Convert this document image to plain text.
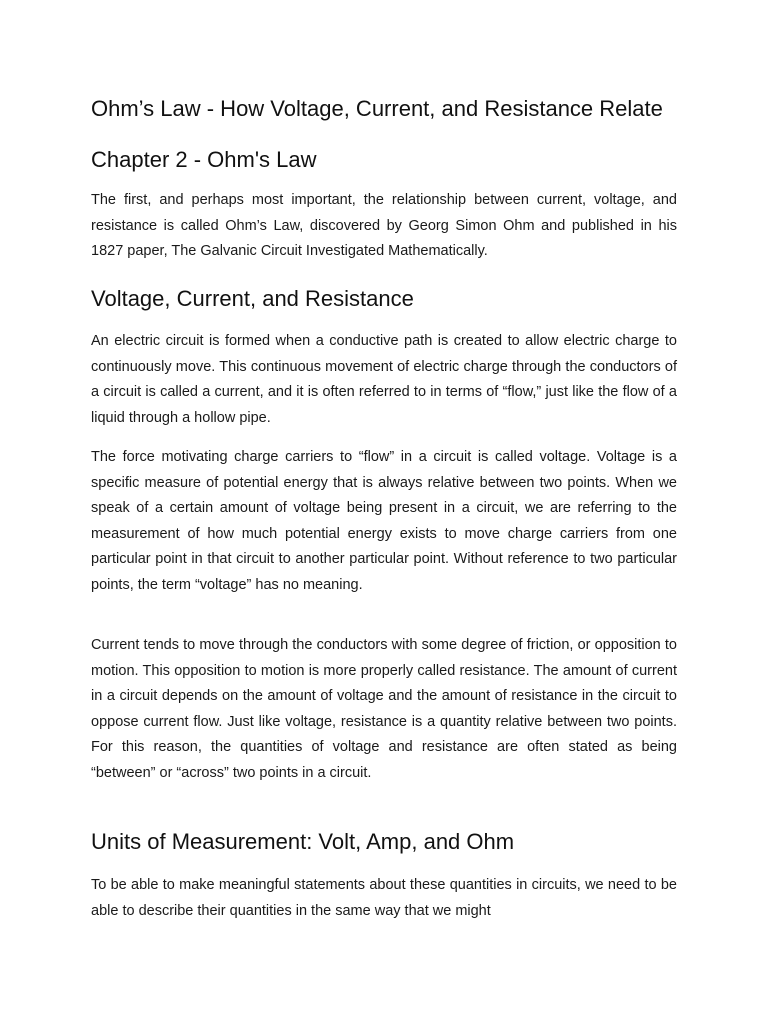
Ohm’s Law - How Voltage, Current, and Resistance Relate
Chapter 2 - Ohm's Law

The first, and perhaps most important, the relationship between current, voltage, and resistance is called Ohm’s Law, discovered by Georg Simon Ohm and published in his 1827 paper, The Galvanic Circuit Investigated Mathematically.

Voltage, Current, and Resistance

An electric circuit is formed when a conductive path is created to allow electric charge to continuously move. This continuous movement of electric charge through the conductors of a circuit is called a current, and it is often referred to in terms of “flow,” just like the flow of a liquid through a hollow pipe.

The force motivating charge carriers to “flow” in a circuit is called voltage. Voltage is a specific measure of potential energy that is always relative between two points. When we speak of a certain amount of voltage being present in a circuit, we are referring to the measurement of how much potential energy exists to move charge carriers from one particular point in that circuit to another particular point. Without reference to two particular points, the term “voltage” has no meaning.

Current tends to move through the conductors with some degree of friction, or opposition to motion. This opposition to motion is more properly called resistance. The amount of current in a circuit depends on the amount of voltage and the amount of resistance in the circuit to oppose current flow. Just like voltage, resistance is a quantity relative between two points. For this reason, the quantities of voltage and resistance are often stated as being “between” or “across” two points in a circuit.

Units of Measurement: Volt, Amp, and Ohm

To be able to make meaningful statements about these quantities in circuits, we need to be able to describe their quantities in the same way that we might
